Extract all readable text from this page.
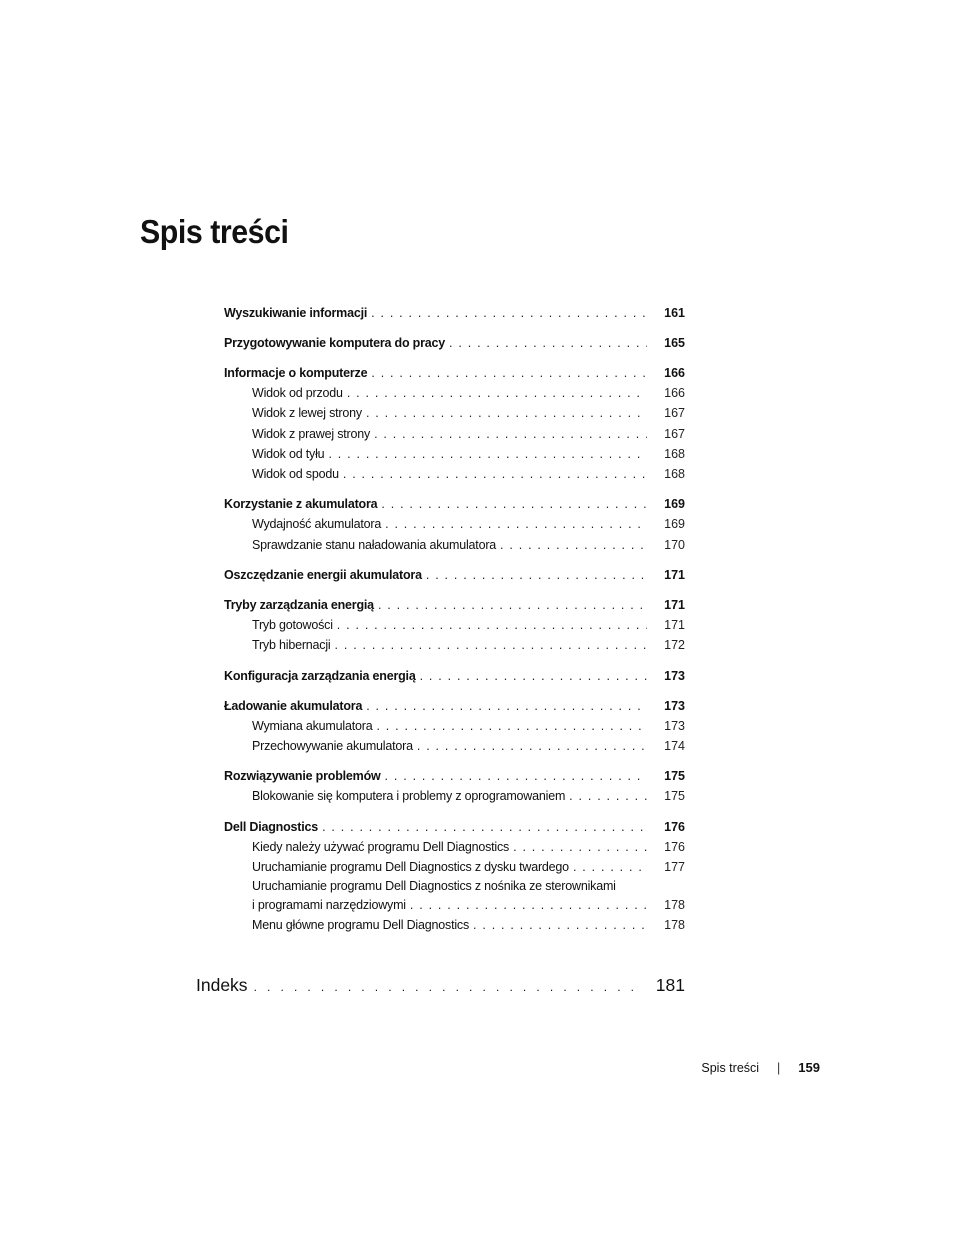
Spis treści
Wyszukiwanie informacji . . .	161
Przygotowywanie komputera do pracy . . .	165
Informacje o komputerze . . .	166
Widok od przodu . . .	166
Widok z lewej strony . . .	167
Widok z prawej strony . . .	167
Widok od tyłu . . .	168
Widok od spodu . . .	168
Korzystanie z akumulatora . . .	169
Wydajność akumulatora . . .	169
Sprawdzanie stanu naładowania akumulatora . . .	170
Oszczędzanie energii akumulatora . . .	171
Tryby zarządzania energią . . .	171
Tryb gotowości . . .	171
Tryb hibernacji . . .	172
Konfiguracja zarządzania energią . . .	173
Ładowanie akumulatora . . .	173
Wymiana akumulatora . . .	173
Przechowywanie akumulatora . . .	174
Rozwiązywanie problemów . . .	175
Blokowanie się komputera i problemy z oprogramowaniem . . .	175
Dell Diagnostics . . .	176
Kiedy należy używać programu Dell Diagnostics . . .	176
Uruchamianie programu Dell Diagnostics z dysku twardego . . .	177
Uruchamianie programu Dell Diagnostics z nośnika ze sterownikami
i programami narzędziowymi . . .	178
Menu główne programu Dell Diagnostics . . .	178
Indeks . . .	181
Spis treści | 159
